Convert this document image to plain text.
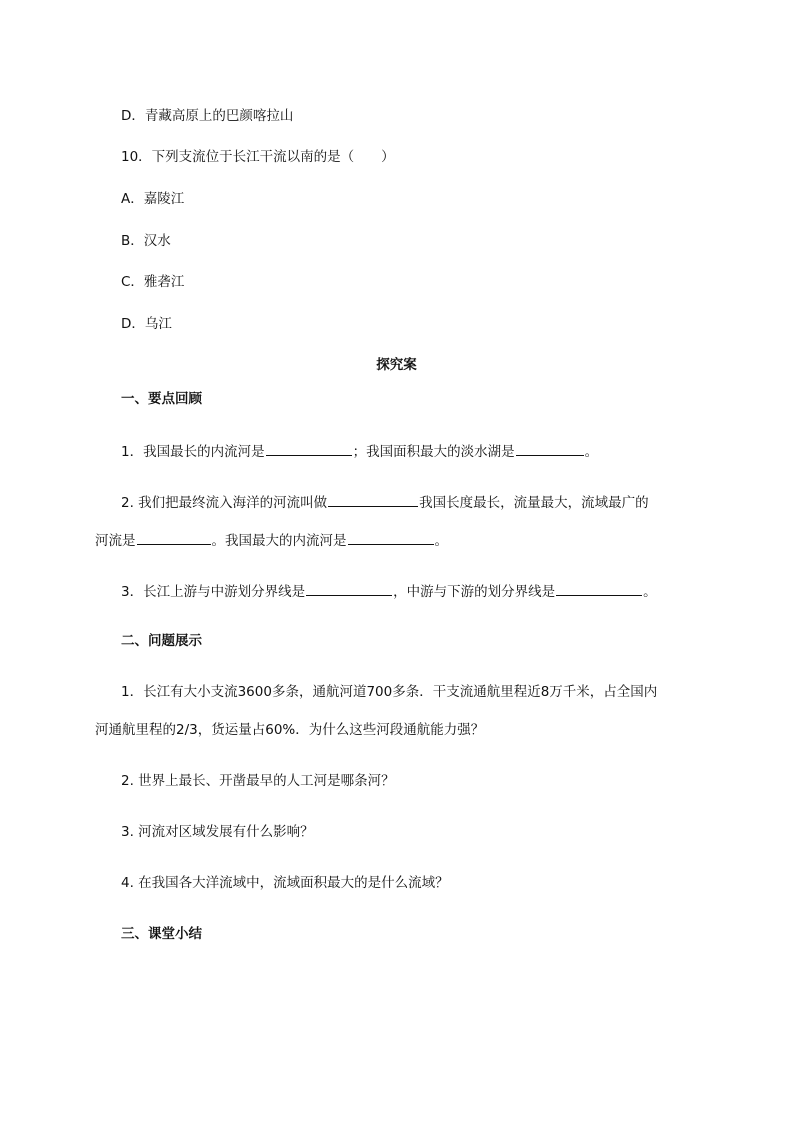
D．青藏高原上的巴颜喀拉山

10．下列支流位于长江干流以南的是（　　）

A．嘉陵江

B．汉水

C．雅砻江

D．乌江

探究案

一、要点回顾

1．我国最长的内流河是	；我国面积最大的淡水湖是	。

2. 我们把最终流入海洋的河流叫做	我国长度最长，流量最大，流域最广的

河流是	。我国最大的内流河是	。

3．长江上游与中游划分界线是	，中游与下游的划分界线是	。

二、问题展示

1．长江有大小支流3600多条，通航河道700多条．干支流通航里程近8万千米，占全国内

河通航里程的2/3，货运量占60%．为什么这些河段通航能力强？

2. 世界上最长、开凿最早的人工河是哪条河？

3. 河流对区域发展有什么影响？

4. 在我国各大洋流域中，流域面积最大的是什么流域？

三、课堂小结
